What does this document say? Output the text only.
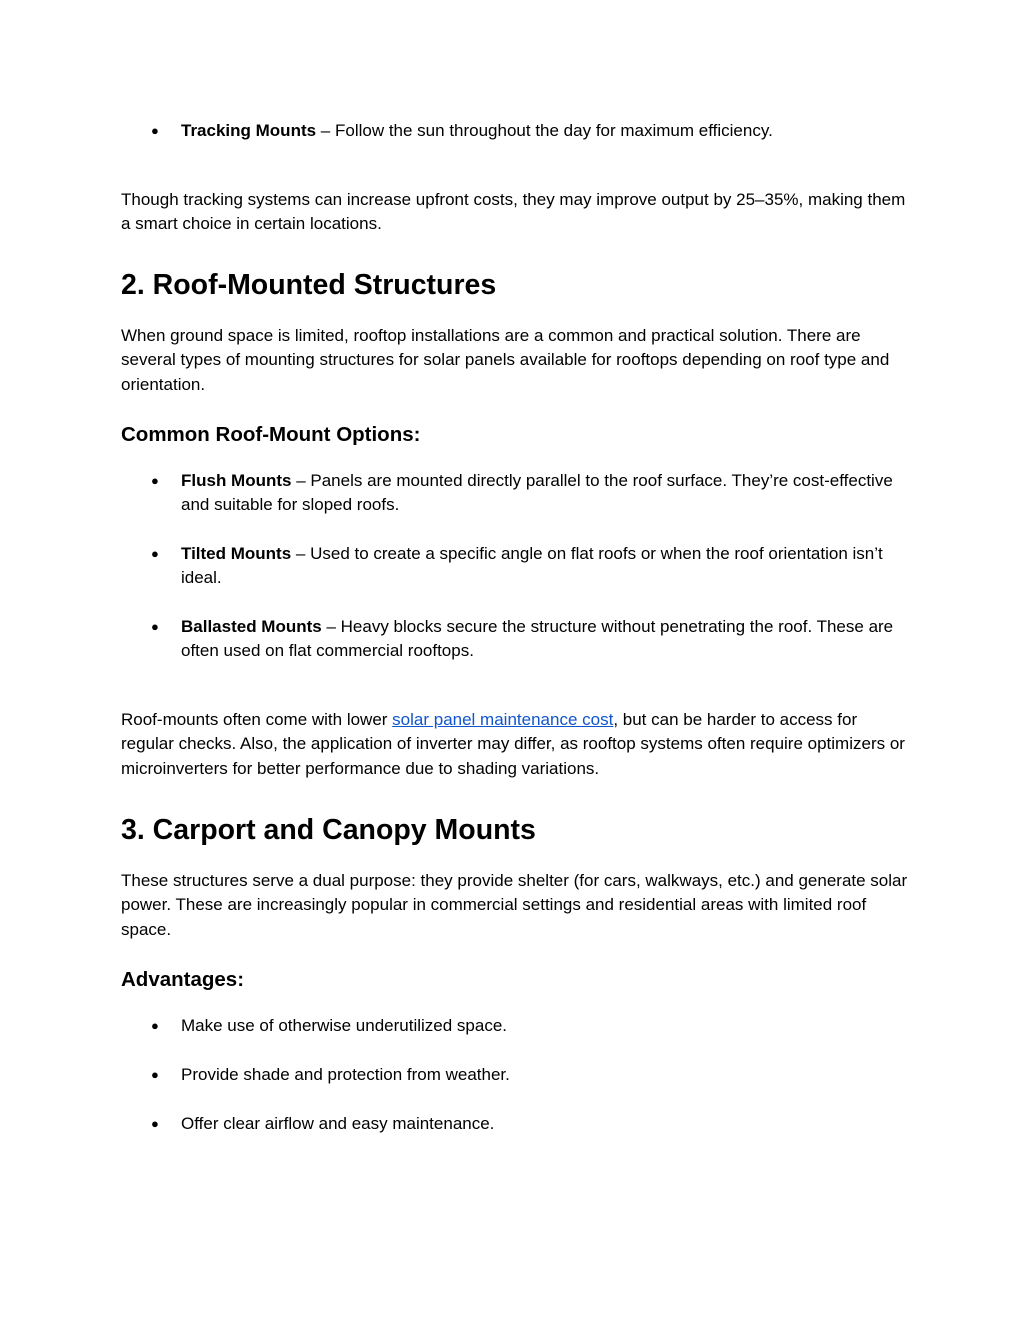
● Tracking Mounts – Follow the sun throughout the day for maximum efficiency.

Though tracking systems can increase upfront costs, they may improve output by 25–35%, making them a smart choice in certain locations.

2. Roof-Mounted Structures

When ground space is limited, rooftop installations are a common and practical solution. There are several types of mounting structures for solar panels available for rooftops depending on roof type and orientation.

Common Roof-Mount Options:
● Flush Mounts – Panels are mounted directly parallel to the roof surface. They’re cost-effective and suitable for sloped roofs.
● Tilted Mounts – Used to create a specific angle on flat roofs or when the roof orientation isn’t ideal.
● Ballasted Mounts – Heavy blocks secure the structure without penetrating the roof. These are often used on flat commercial rooftops.

Roof-mounts often come with lower solar panel maintenance cost, but can be harder to access for regular checks. Also, the application of inverter may differ, as rooftop systems often require optimizers or microinverters for better performance due to shading variations.

3. Carport and Canopy Mounts

These structures serve a dual purpose: they provide shelter (for cars, walkways, etc.) and generate solar power. These are increasingly popular in commercial settings and residential areas with limited roof space.

Advantages:
● Make use of otherwise underutilized space.
● Provide shade and protection from weather.
● Offer clear airflow and easy maintenance.
